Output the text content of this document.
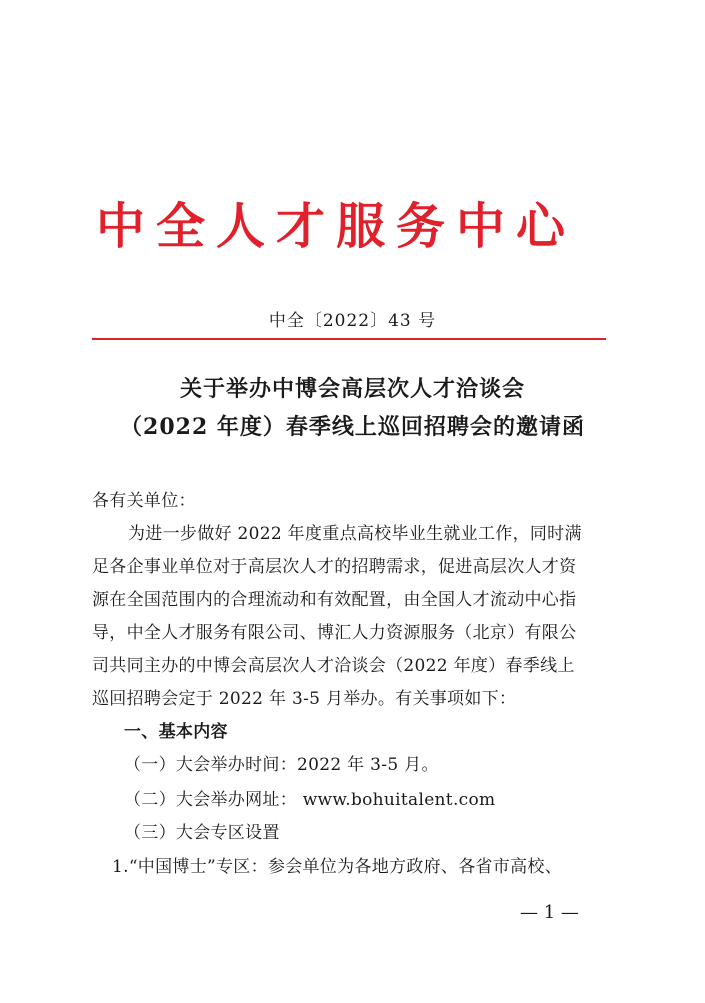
中全人才服务中心
中全〔2022〕43 号
关于举办中博会高层次人才洽谈会
（2022 年度）春季线上巡回招聘会的邀请函
各有关单位：
为进一步做好 2022 年度重点高校毕业生就业工作，同时满
足各企事业单位对于高层次人才的招聘需求，促进高层次人才资
源在全国范围内的合理流动和有效配置，由全国人才流动中心指
导，中全人才服务有限公司、博汇人力资源服务（北京）有限公
司共同主办的中博会高层次人才洽谈会（2022 年度）春季线上
巡回招聘会定于 2022 年 3-5 月举办。有关事项如下：
一、基本内容
（一）大会举办时间：2022 年 3-5 月。
（二）大会举办网址： www.bohuitalent.com
（三）大会专区设置
1.“中国博士”专区：参会单位为各地方政府、各省市高校、
— 1 —
